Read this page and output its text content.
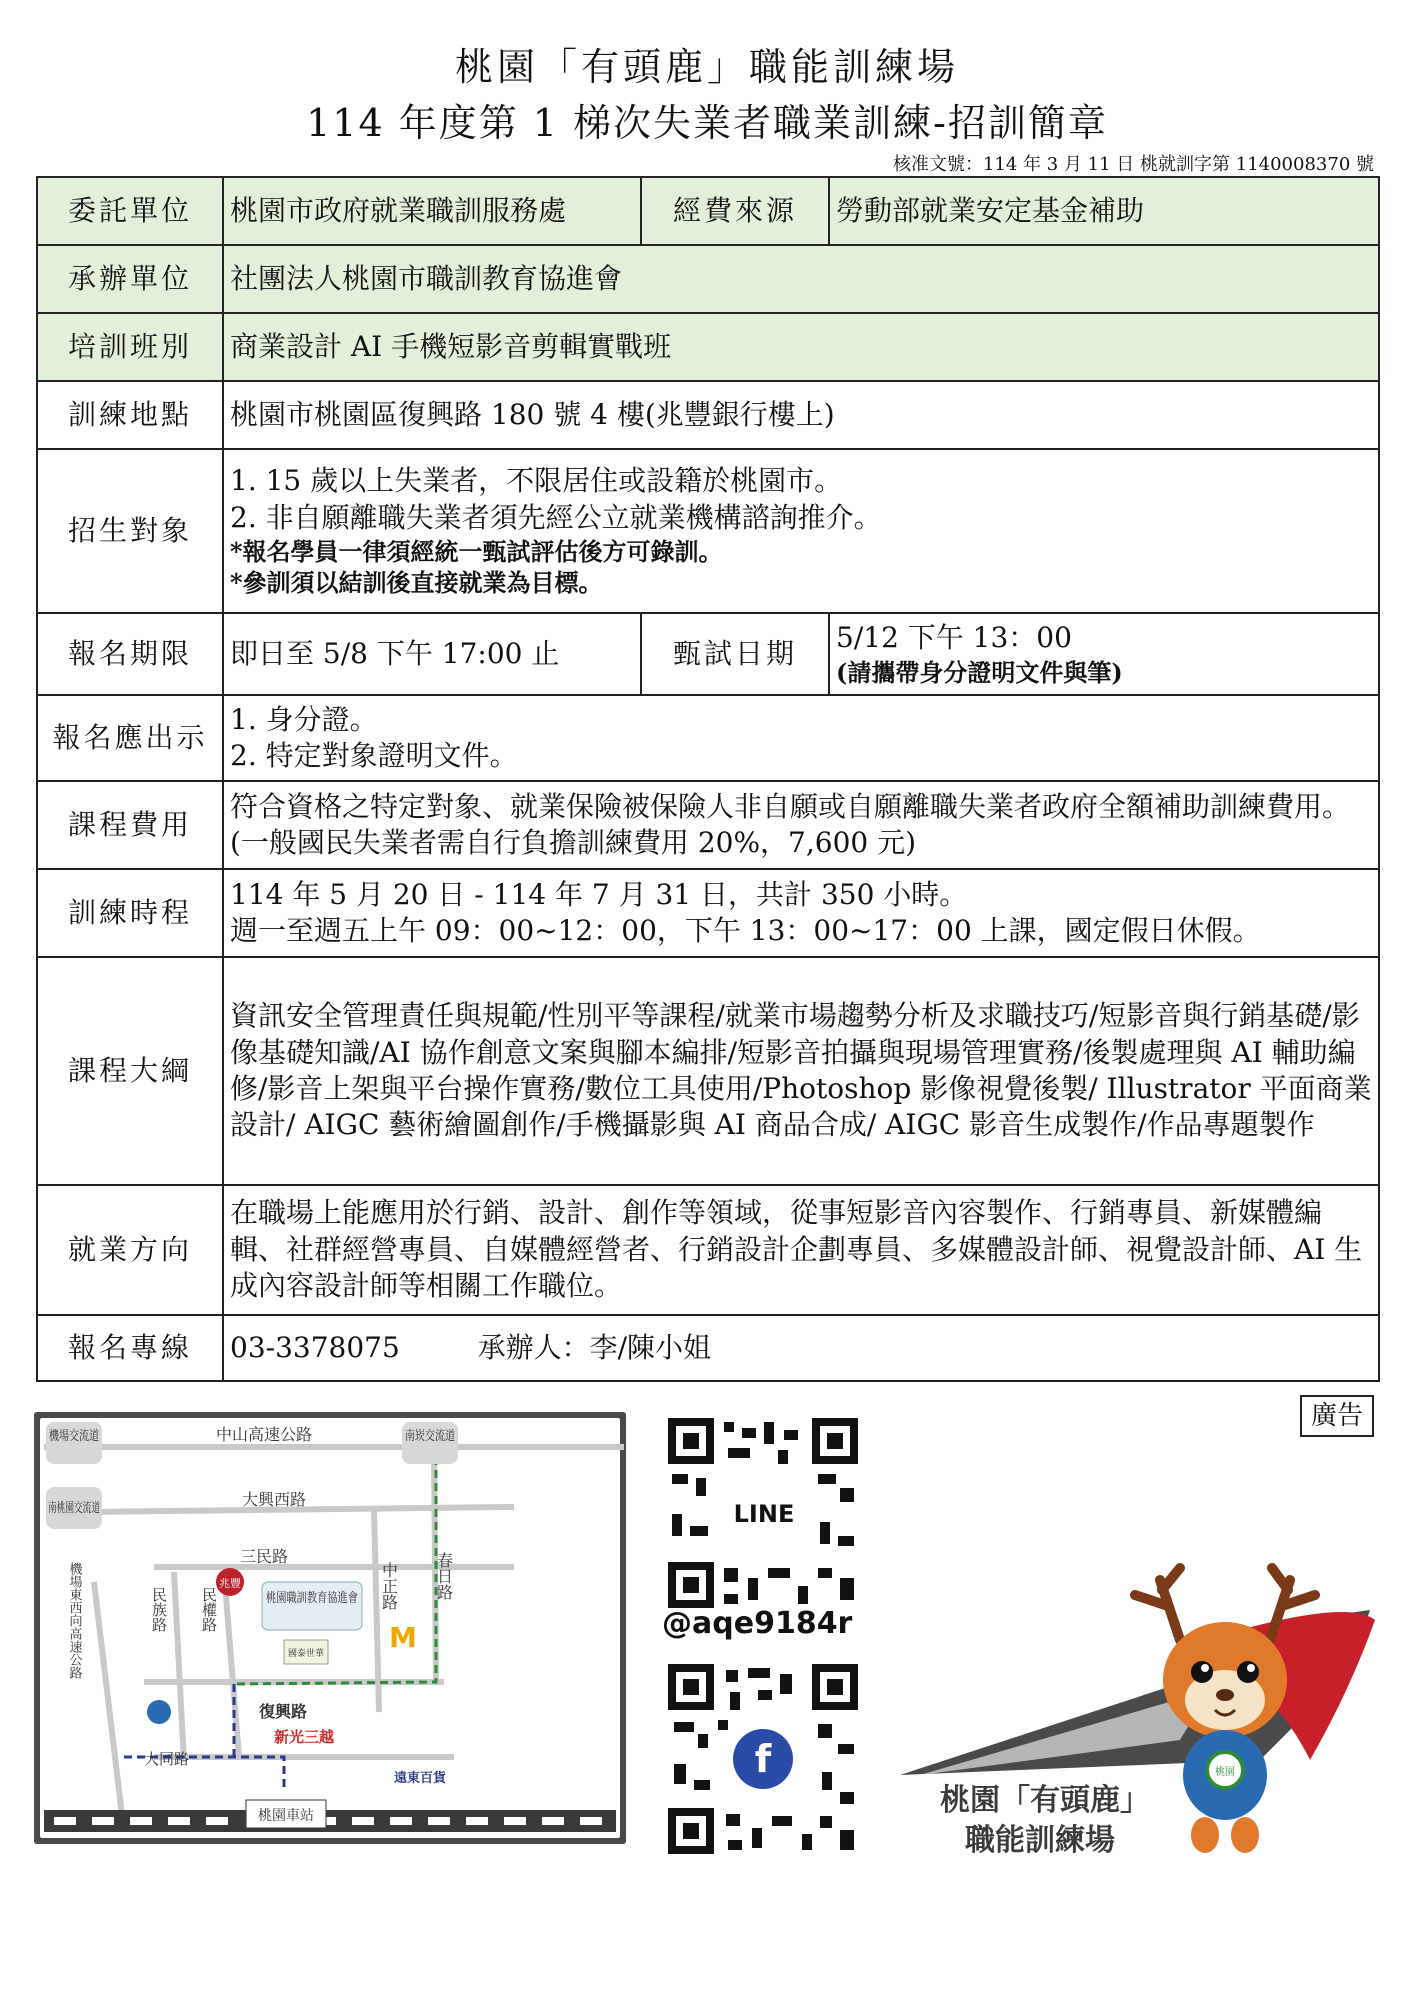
桃園「有頭鹿」職能訓練場
114 年度第 1 梯次失業者職業訓練-招訓簡章
核准文號：114 年 3 月 11 日 桃就訓字第 1140008370 號
委託單位	桃園市政府就業職訓服務處	經費來源	勞動部就業安定基金補助
承辦單位	社團法人桃園市職訓教育協進會		
培訓班別	商業設計 AI 手機短影音剪輯實戰班		
訓練地點	桃園市桃園區復興路 180 號 4 樓(兆豐銀行樓上)		
招生對象	1. 15 歲以上失業者，不限居住或設籍於桃園市。
2. 非自願離職失業者須先經公立就業機構諮詢推介。
*報名學員一律須經統一甄試評估後方可錄訓。
*參訓須以結訓後直接就業為目標。		

報名期限	即日至 5/8 下午 17:00 止	甄試日期	5/12 下午 13：00
(請攜帶身分證明文件與筆)

報名應出示	1. 身分證。
2. 特定對象證明文件。		

課程費用	符合資格之特定對象、就業保險被保險人非自願或自願離職失業者政府全額補助訓練費用。(一般國民失業者需自行負擔訓練費用 20%，7,600 元)		
訓練時程	114 年 5 月 20 日 - 114 年 7 月 31 日，共計 350 小時。
週一至週五上午 09：00~12：00，下午 13：00~17：00 上課，國定假日休假。		

課程大綱	資訊安全管理責任與規範/性別平等課程/就業市場趨勢分析及求職技巧/短影音與行銷基礎/影像基礎知識/AI 協作創意文案與腳本編排/短影音拍攝與現場管理實務/後製處理與 AI 輔助編修/影音上架與平台操作實務/數位工具使用/Photoshop 影像視覺後製/ Illustrator 平面商業設計/ AIGC 藝術繪圖創作/手機攝影與 AI 商品合成/ AIGC 影音生成製作/作品專題製作		
就業方向	在職場上能應用於行銷、設計、創作等領域，從事短影音內容製作、行銷專員、新媒體編輯、社群經營專員、自媒體經營者、行銷設計企劃專員、多媒體設計師、視覺設計師、AI 生成內容設計師等相關工作職位。		
報名專線	03-3378075 承辦人：李/陳小姐		
廣告
機場交流道	中山高速公路	南崁交流道
南桃園交流道	大興西路
三民路
中正路 春日路
機場東西向高速公路	民族路 民權路	桃園職訓教育協進會
兆豐
國泰世華 M
復興路
新光三越
大同路
遠東百貨
桃園車站
LINE
@aqe9184r
f	桃園
桃園「有頭鹿」
職能訓練場
